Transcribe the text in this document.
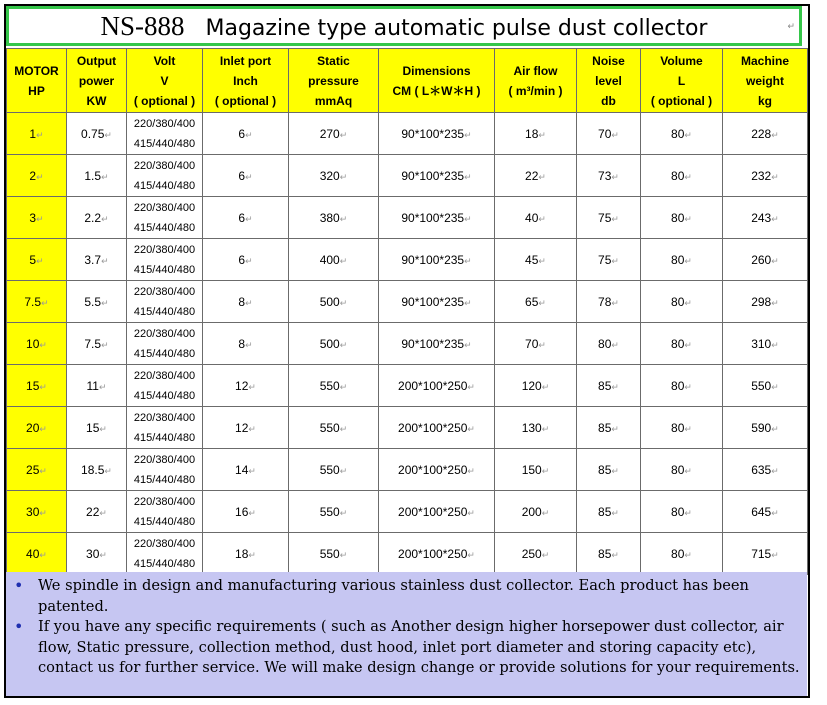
NS-888 Magazine type automatic pulse dust collector	↵
MOTOR
HP	Output
power
KW	Volt
V
( optional )	Inlet port
Inch
( optional )	Static
pressure
mmAq	Dimensions
CM ( L＊W＊H )	Air flow
( m³/min )	Noise
level
db	Volume
L
( optional )	Machine
weight
kg
1↵	0.75↵	220/380/400
415/440/480	6↵	270↵	90*100*235↵	18↵	70↵	80↵	228↵
2↵	1.5↵	220/380/400
415/440/480	6↵	320↵	90*100*235↵	22↵	73↵	80↵	232↵
3↵	2.2↵	220/380/400
415/440/480	6↵	380↵	90*100*235↵	40↵	75↵	80↵	243↵
5↵	3.7↵	220/380/400
415/440/480	6↵	400↵	90*100*235↵	45↵	75↵	80↵	260↵
7.5↵	5.5↵	220/380/400
415/440/480	8↵	500↵	90*100*235↵	65↵	78↵	80↵	298↵
10↵	7.5↵	220/380/400
415/440/480	8↵	500↵	90*100*235↵	70↵	80↵	80↵	310↵
15↵	11↵	220/380/400
415/440/480	12↵	550↵	200*100*250↵	120↵	85↵	80↵	550↵
20↵	15↵	220/380/400
415/440/480	12↵	550↵	200*100*250↵	130↵	85↵	80↵	590↵
25↵	18.5↵	220/380/400
415/440/480	14↵	550↵	200*100*250↵	150↵	85↵	80↵	635↵
30↵	22↵	220/380/400
415/440/480	16↵	550↵	200*100*250↵	200↵	85↵	80↵	645↵
40↵	30↵	220/380/400
415/440/480	18↵	550↵	200*100*250↵	250↵	85↵	80↵	715↵
• We spindle in design and manufacturing various stainless dust collector. Each product has been patented.
• If you have any specific requirements ( such as Another design higher horsepower dust collector, air flow, Static pressure, collection method, dust hood, inlet port diameter and storing capacity etc), contact us for further service. We will make design change or provide solutions for your requirements.
